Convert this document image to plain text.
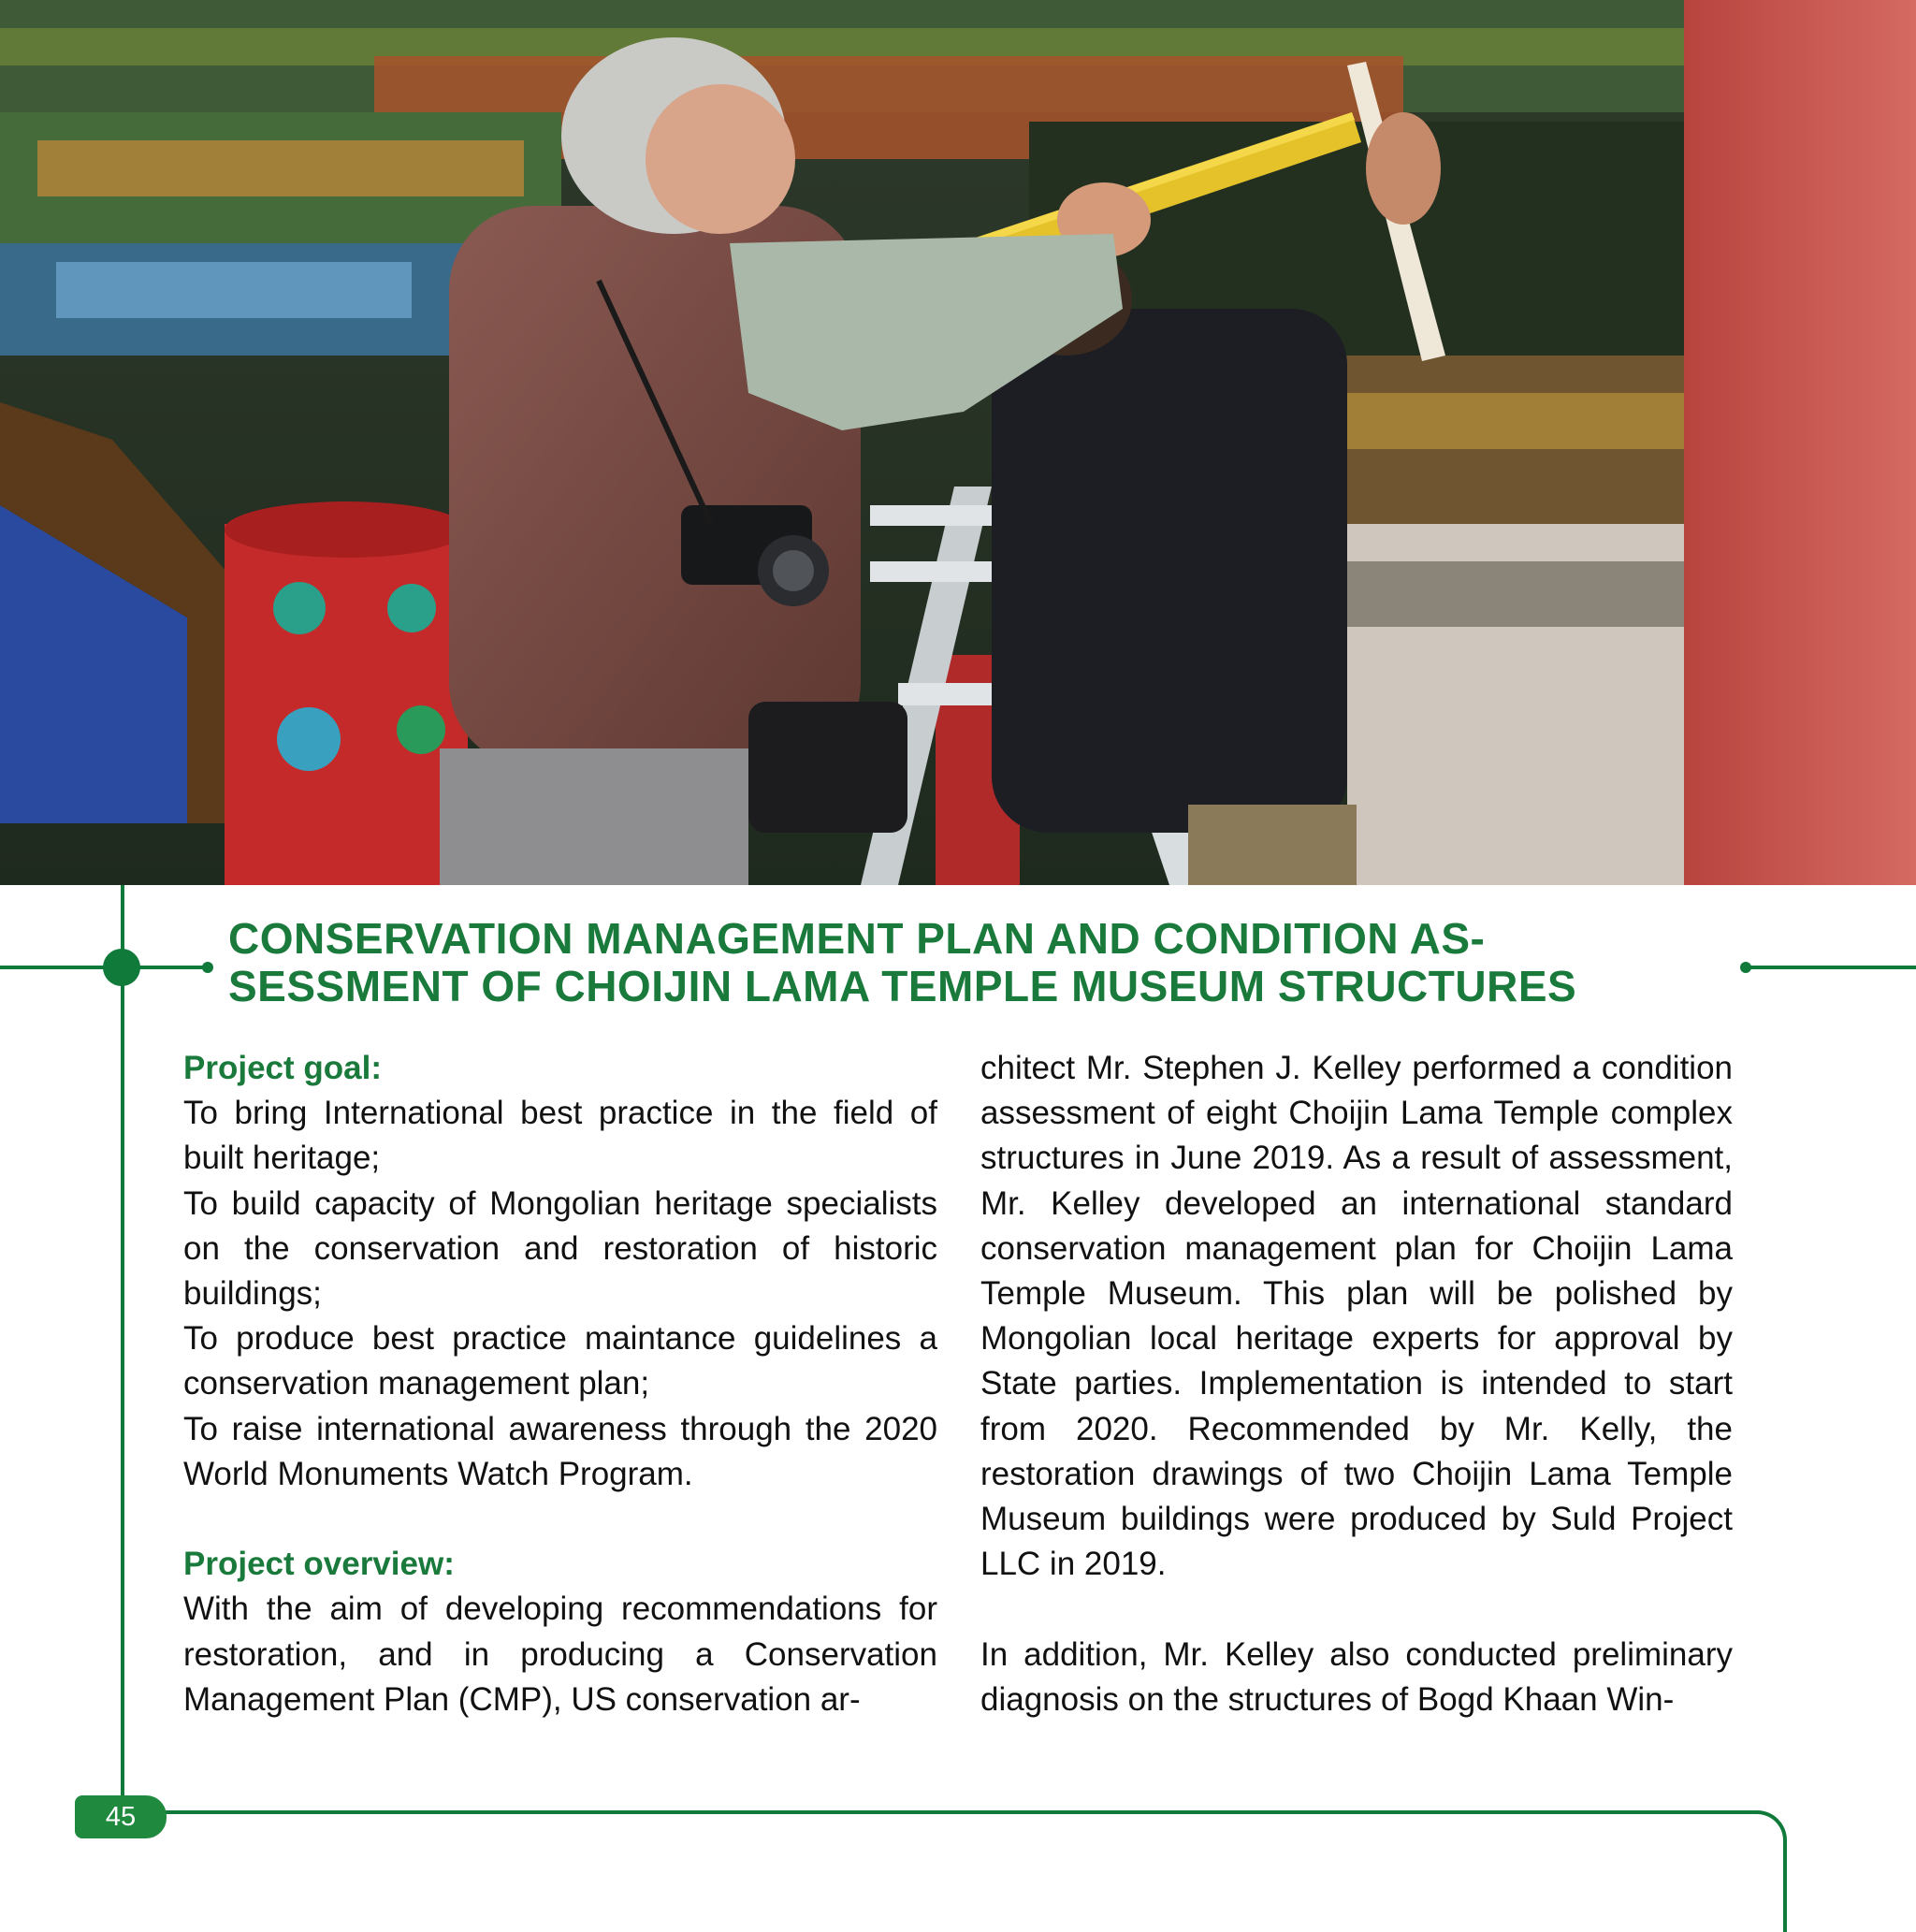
CONSERVATION MANAGEMENT PLAN AND CONDITION AS-
SESSMENT OF CHOIJIN LAMA TEMPLE MUSEUM STRUCTURES

Project goal:

To bring International best practice in the field of built heritage;

To build capacity of Mongolian heritage specialists on the conservation and restoration of historic buildings;

To produce best practice maintance guidelines a conservation management plan;

To raise international awareness through the 2020 World Monuments Watch Program.

Project overview:

With the aim of developing recommendations for restoration, and in producing a Conservation Management Plan (CMP), US conservation ar-

chitect Mr. Stephen J. Kelley performed a condition assessment of eight Choijin Lama Temple complex structures in June 2019. As a result of assessment, Mr. Kelley developed an international standard conservation management plan for Choijin Lama Temple Museum. This plan will be polished by Mongolian local heritage experts for approval by State parties. Implementation is intended to start from 2020. Recommended by Mr. Kelly, the restoration drawings of two Choijin Lama Temple Museum buildings were produced by Suld Project LLC in 2019.

In addition, Mr. Kelley also conducted preliminary diagnosis on the structures of Bogd Khaan Win-

45
